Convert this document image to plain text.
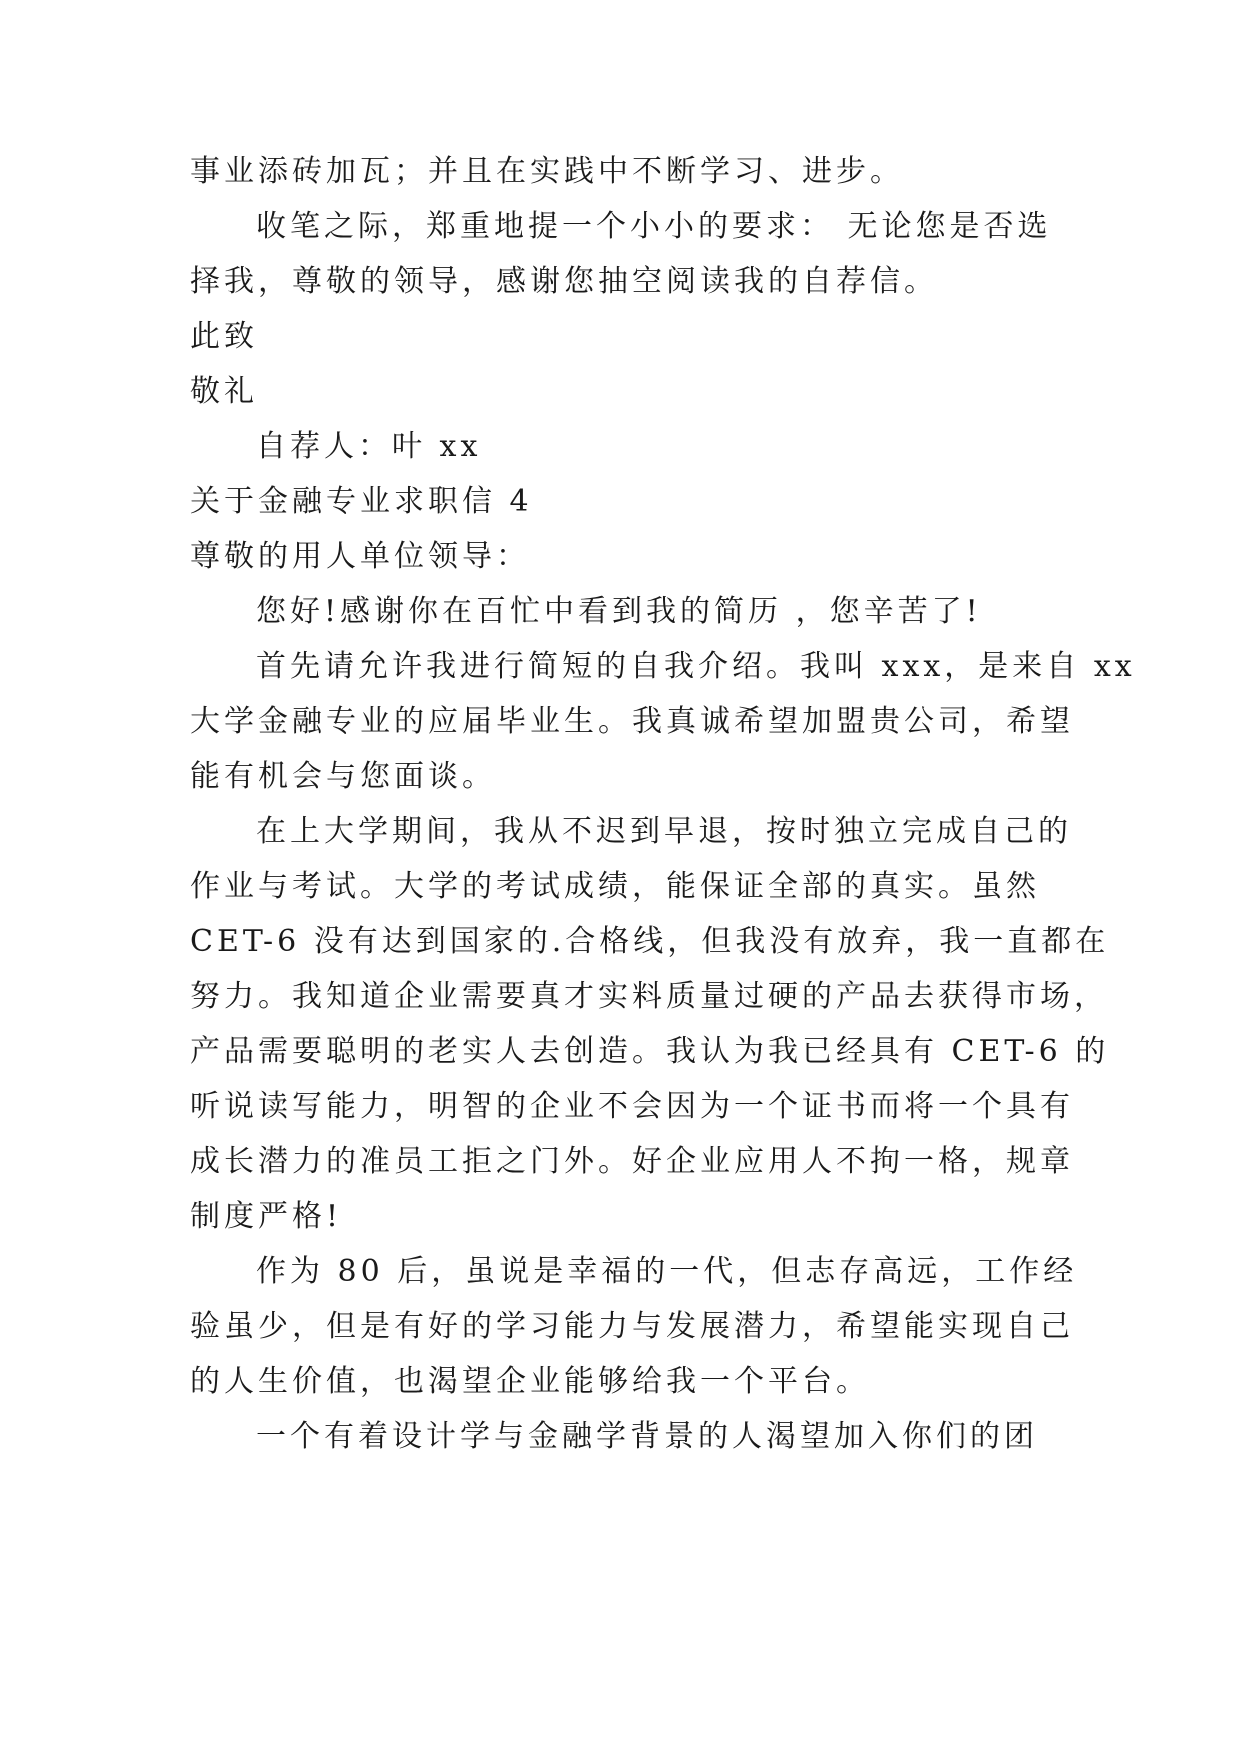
事业添砖加瓦；并且在实践中不断学习、进步。
收笔之际，郑重地提一个小小的要求： 无论您是否选
择我，尊敬的领导，感谢您抽空阅读我的自荐信。
此致
敬礼
自荐人：叶 xx
关于金融专业求职信 4
尊敬的用人单位领导：
您好!感谢你在百忙中看到我的简历 ，您辛苦了!
首先请允许我进行简短的自我介绍。我叫 xxx，是来自 xx
大学金融专业的应届毕业生。我真诚希望加盟贵公司，希望
能有机会与您面谈。
在上大学期间，我从不迟到早退，按时独立完成自己的
作业与考试。大学的考试成绩，能保证全部的真实。虽然
CET-6 没有达到国家的.合格线，但我没有放弃，我一直都在
努力。我知道企业需要真才实料质量过硬的产品去获得市场，
产品需要聪明的老实人去创造。我认为我已经具有 CET-6 的
听说读写能力，明智的企业不会因为一个证书而将一个具有
成长潜力的准员工拒之门外。好企业应用人不拘一格，规章
制度严格!
作为 80 后，虽说是幸福的一代，但志存高远，工作经
验虽少，但是有好的学习能力与发展潜力，希望能实现自己
的人生价值，也渴望企业能够给我一个平台。
一个有着设计学与金融学背景的人渴望加入你们的团
